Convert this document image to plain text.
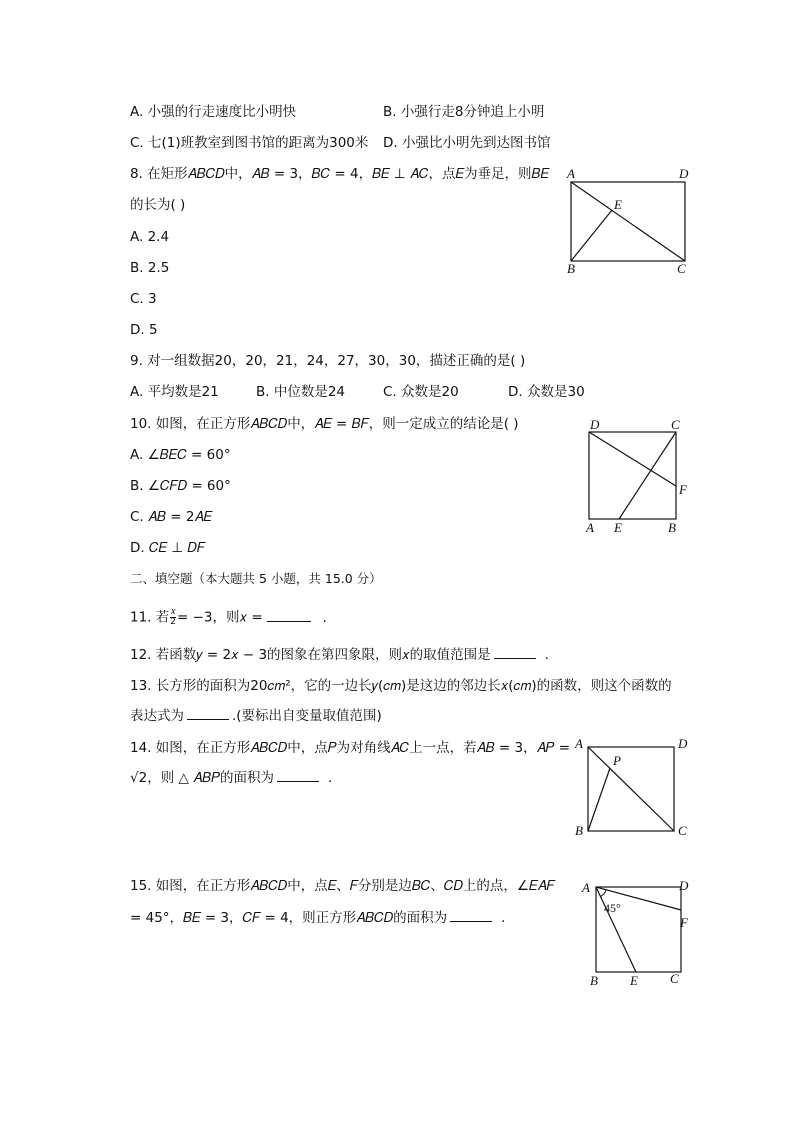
A. 小强的行走速度比小明快	B. 小强行走8分钟追上小明
C. 七(1)班教室到图书馆的距离为300米 D. 小强比小明先到达图书馆
8. 在矩形𝐴𝐵𝐶𝐷中，𝐴𝐵 = 3，𝐵𝐶 = 4，𝐵𝐸 ⊥ 𝐴𝐶，点𝐸为垂足，则𝐵𝐸
的长为( )
A. 2.4
B. 2.5
C. 3
D. 5
A	D
B	C
E
9. 对一组数据20，20，21，24，27，30，30，描述正确的是( )
A. 平均数是21	B. 中位数是24	C. 众数是20	D. 众数是30
10. 如图，在正方形𝐴𝐵𝐶𝐷中，𝐴𝐸 = 𝐵𝐹，则一定成立的结论是( )
A. ∠𝐵𝐸𝐶 = 60°
B. ∠𝐶𝐹𝐷 = 60°
C. 𝐴𝐵 = 2𝐴𝐸
D. 𝐶𝐸 ⊥ 𝐷𝐹
D	C
F
A E	B
二、填空题（本大题共 5 小题，共 15.0 分）
11. 若 𝑥
2 = −3，则𝑥 =	.
12. 若函数𝑦 = 2𝑥 − 3的图象在第四象限，则𝑥的取值范围是	.
13. 长方形的面积为20𝑐𝑚²，它的一边长𝑦(𝑐𝑚)是这边的邻边长𝑥(𝑐𝑚)的函数，则这个函数的
表达式为	.(要标出自变量取值范围)
14. 如图，在正方形𝐴𝐵𝐶𝐷中，点𝑃为对角线𝐴𝐶上一点，若𝐴𝐵 = 3，𝐴𝑃 =
√2，则 △ 𝐴𝐵𝑃的面积为	.
A	D
P
B	C
15. 如图，在正方形𝐴𝐵𝐶𝐷中，点𝐸、𝐹分别是边𝐵𝐶、𝐶𝐷上的点，∠𝐸𝐴𝐹
= 45°，𝐵𝐸 = 3，𝐶𝐹 = 4，则正方形𝐴𝐵𝐶𝐷的面积为	.
A	D
F
B E C
45°
